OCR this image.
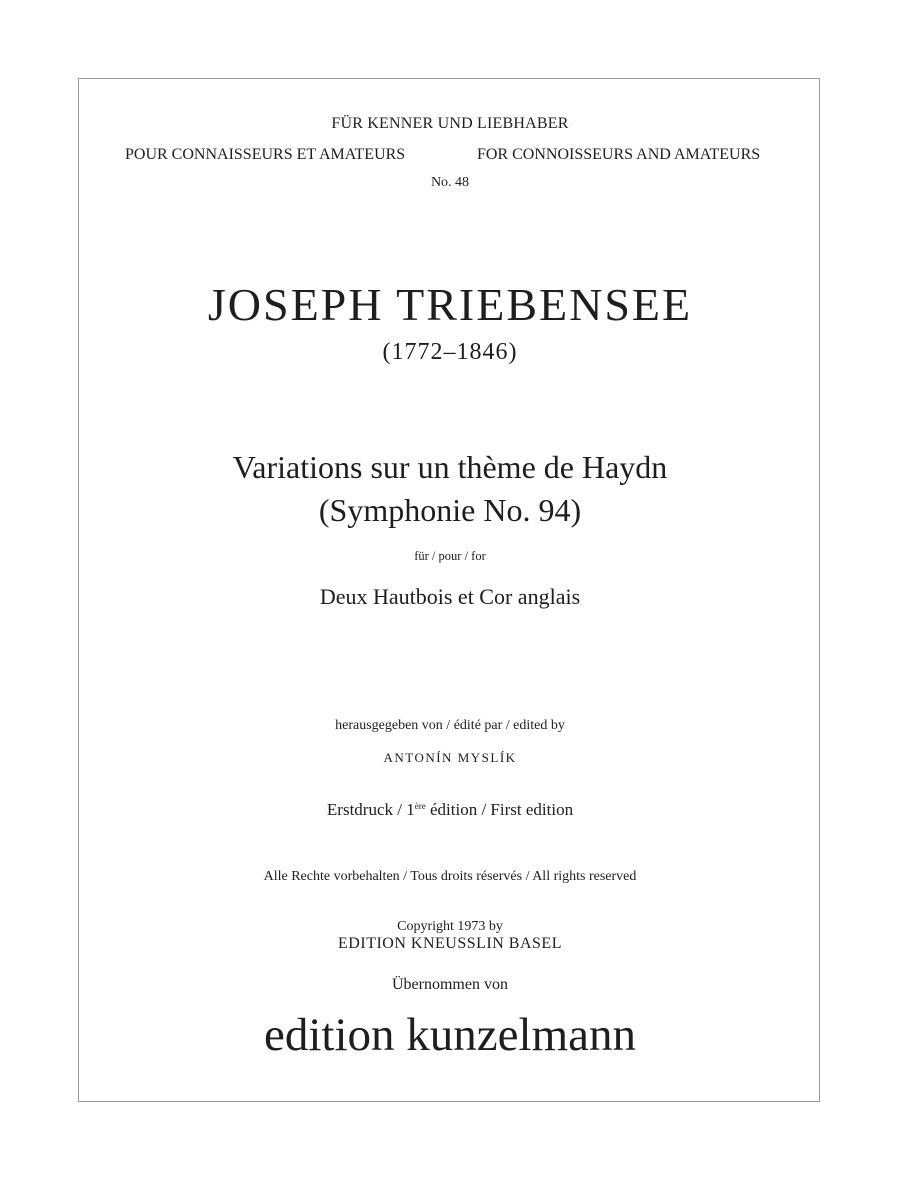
FÜR KENNER UND LIEBHABER
POUR CONNAISSEURS ET AMATEURS	FOR CONNOISSEURS AND AMATEURS
No. 48
JOSEPH TRIEBENSEE
(1772–1846)
Variations sur un thème de Haydn
(Symphonie No. 94)
für / pour / for
Deux Hautbois et Cor anglais
herausgegeben von / édité par / edited by
ANTONÍN MYSLÍK
Erstdruck / 1ère édition / First edition
Alle Rechte vorbehalten / Tous droits réservés / All rights reserved
Copyright 1973 by
EDITION KNEUSSLIN BASEL
Übernommen von
edition kunzelmann
